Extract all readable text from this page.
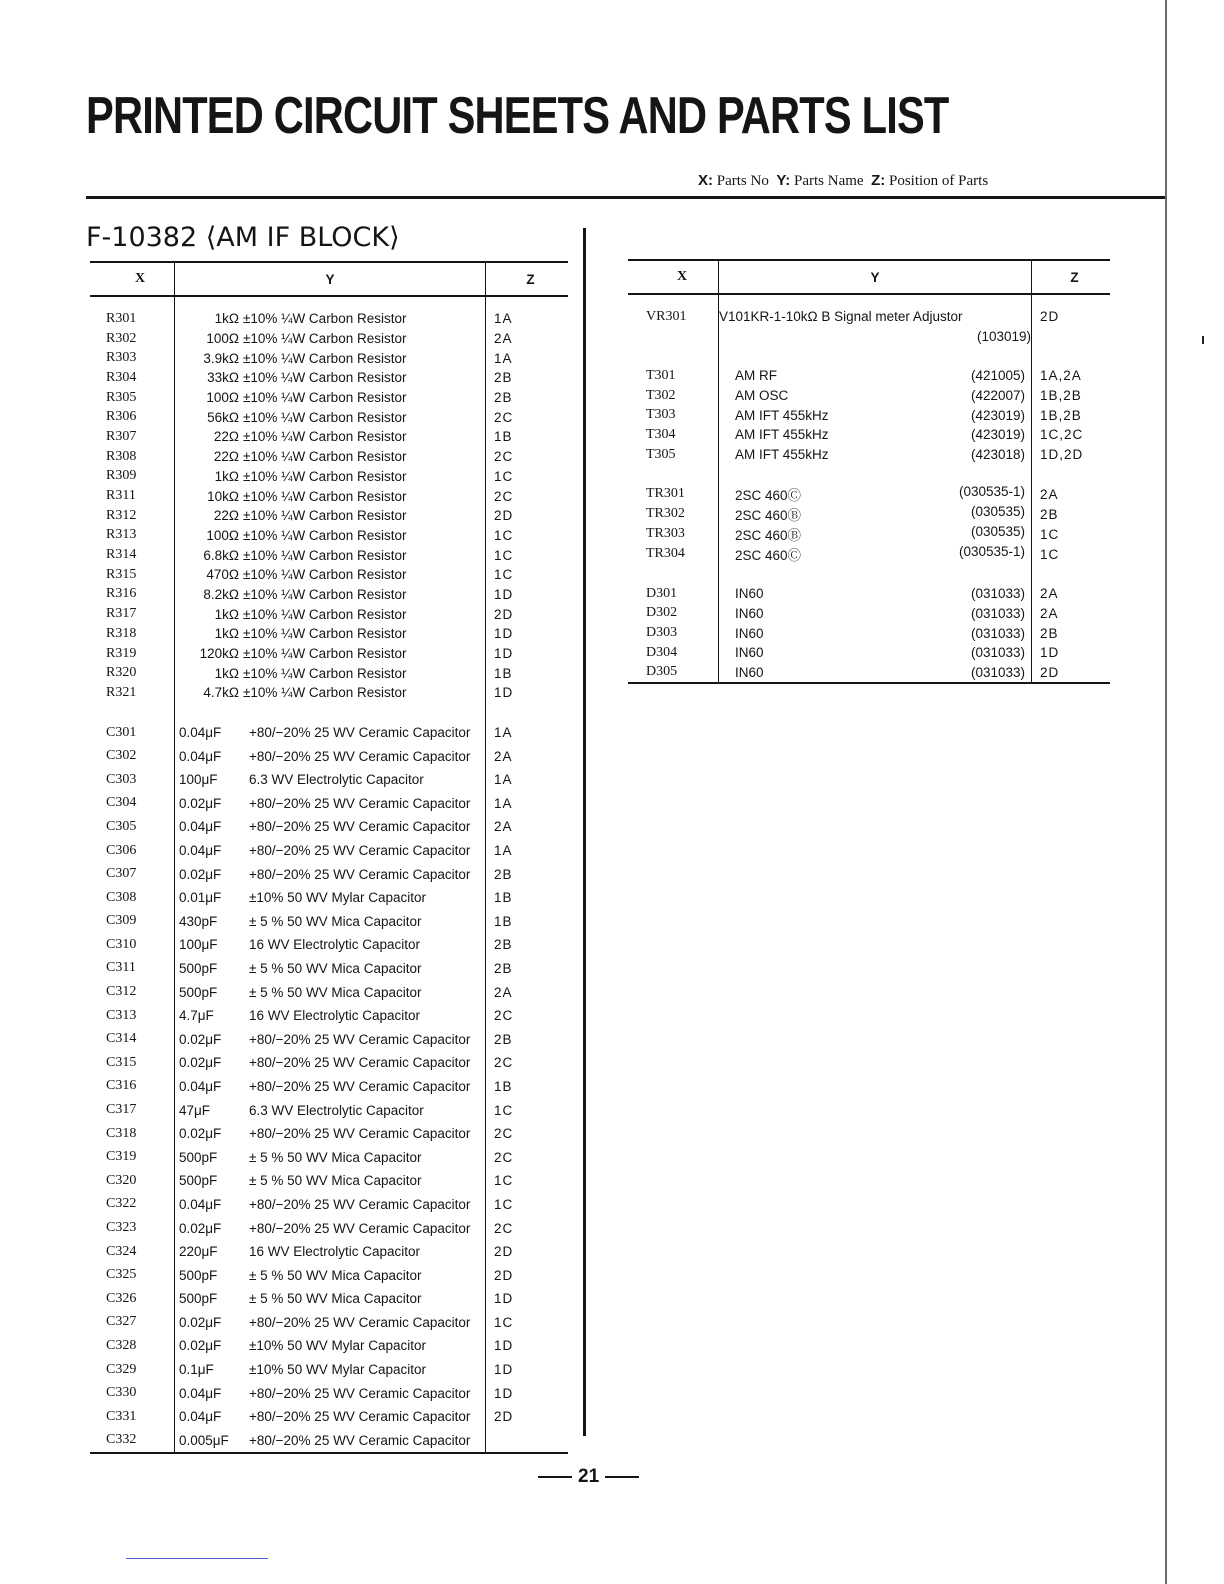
PRINTED CIRCUIT SHEETS AND PARTS LIST
X: Parts No Y: Parts Name Z: Position of Parts
F-10382 ⟨AM IF BLOCK⟩
X	Y	Z

R301	1kΩ ±10% ¼W Carbon Resistor	1A
R302	100Ω ±10% ¼W Carbon Resistor	2A
R303	3.9kΩ ±10% ¼W Carbon Resistor	1A
R304	33kΩ ±10% ¼W Carbon Resistor	2B
R305	100Ω ±10% ¼W Carbon Resistor	2B
R306	56kΩ ±10% ¼W Carbon Resistor	2C
R307	22Ω ±10% ¼W Carbon Resistor	1B
R308	22Ω ±10% ¼W Carbon Resistor	2C
R309	1kΩ ±10% ¼W Carbon Resistor	1C
R311	10kΩ ±10% ¼W Carbon Resistor	2C
R312	22Ω ±10% ¼W Carbon Resistor	2D
R313	100Ω ±10% ¼W Carbon Resistor	1C
R314	6.8kΩ ±10% ¼W Carbon Resistor	1C
R315	470Ω ±10% ¼W Carbon Resistor	1C
R316	8.2kΩ ±10% ¼W Carbon Resistor	1D
R317	1kΩ ±10% ¼W Carbon Resistor	2D
R318	1kΩ ±10% ¼W Carbon Resistor	1D
R319	120kΩ ±10% ¼W Carbon Resistor	1D
R320	1kΩ ±10% ¼W Carbon Resistor	1B
R321	4.7kΩ ±10% ¼W Carbon Resistor	1D

C301	0.04μF +80/−20% 25 WV Ceramic Capacitor	1A
C302	0.04μF +80/−20% 25 WV Ceramic Capacitor	2A
C303	100μF 6.3 WV Electrolytic Capacitor	1A
C304	0.02μF +80/−20% 25 WV Ceramic Capacitor	1A
C305	0.04μF +80/−20% 25 WV Ceramic Capacitor	2A
C306	0.04μF +80/−20% 25 WV Ceramic Capacitor	1A
C307	0.02μF +80/−20% 25 WV Ceramic Capacitor	2B
C308	0.01μF ±10% 50 WV Mylar Capacitor	1B
C309	430pF ± 5 % 50 WV Mica Capacitor	1B
C310	100μF 16 WV Electrolytic Capacitor	2B
C311	500pF ± 5 % 50 WV Mica Capacitor	2B
C312	500pF ± 5 % 50 WV Mica Capacitor	2A
C313	4.7μF 16 WV Electrolytic Capacitor	2C
C314	0.02μF +80/−20% 25 WV Ceramic Capacitor	2B
C315	0.02μF +80/−20% 25 WV Ceramic Capacitor	2C
C316	0.04μF +80/−20% 25 WV Ceramic Capacitor	1B
C317	47μF 6.3 WV Electrolytic Capacitor	1C
C318	0.02μF +80/−20% 25 WV Ceramic Capacitor	2C
C319	500pF ± 5 % 50 WV Mica Capacitor	2C
C320	500pF ± 5 % 50 WV Mica Capacitor	1C
C322	0.04μF +80/−20% 25 WV Ceramic Capacitor	1C
C323	0.02μF +80/−20% 25 WV Ceramic Capacitor	2C
C324	220μF 16 WV Electrolytic Capacitor	2D
C325	500pF ± 5 % 50 WV Mica Capacitor	2D
C326	500pF ± 5 % 50 WV Mica Capacitor	1D
C327	0.02μF +80/−20% 25 WV Ceramic Capacitor	1C
C328	0.02μF ±10% 50 WV Mylar Capacitor	1D
C329	0.1μF ±10% 50 WV Mylar Capacitor	1D
C330	0.04μF +80/−20% 25 WV Ceramic Capacitor	1D
C331	0.04μF +80/−20% 25 WV Ceramic Capacitor	2D
C332	0.005μF +80/−20% 25 WV Ceramic Capacitor	
X	Y	Z

VR301	V101KR-1-10kΩ B Signal meter Adjustor	2D
	(103019)	

T301	AM RF (421005)	1A,2A
T302	AM OSC (422007)	1B,2B
T303	AM IFT 455kHz (423019)	1B,2B
T304	AM IFT 455kHz (423019)	1C,2C
T305	AM IFT 455kHz (423018)	1D,2D

TR301	2SC 460Ⓒ (030535-1)	2A
TR302	2SC 460Ⓑ (030535)	2B
TR303	2SC 460Ⓑ (030535)	1C
TR304	2SC 460Ⓒ (030535-1)	1C

D301	IN60 (031033)	2A
D302	IN60 (031033)	2A
D303	IN60 (031033)	2B
D304	IN60 (031033)	1D
D305	IN60 (031033)	2D
21
